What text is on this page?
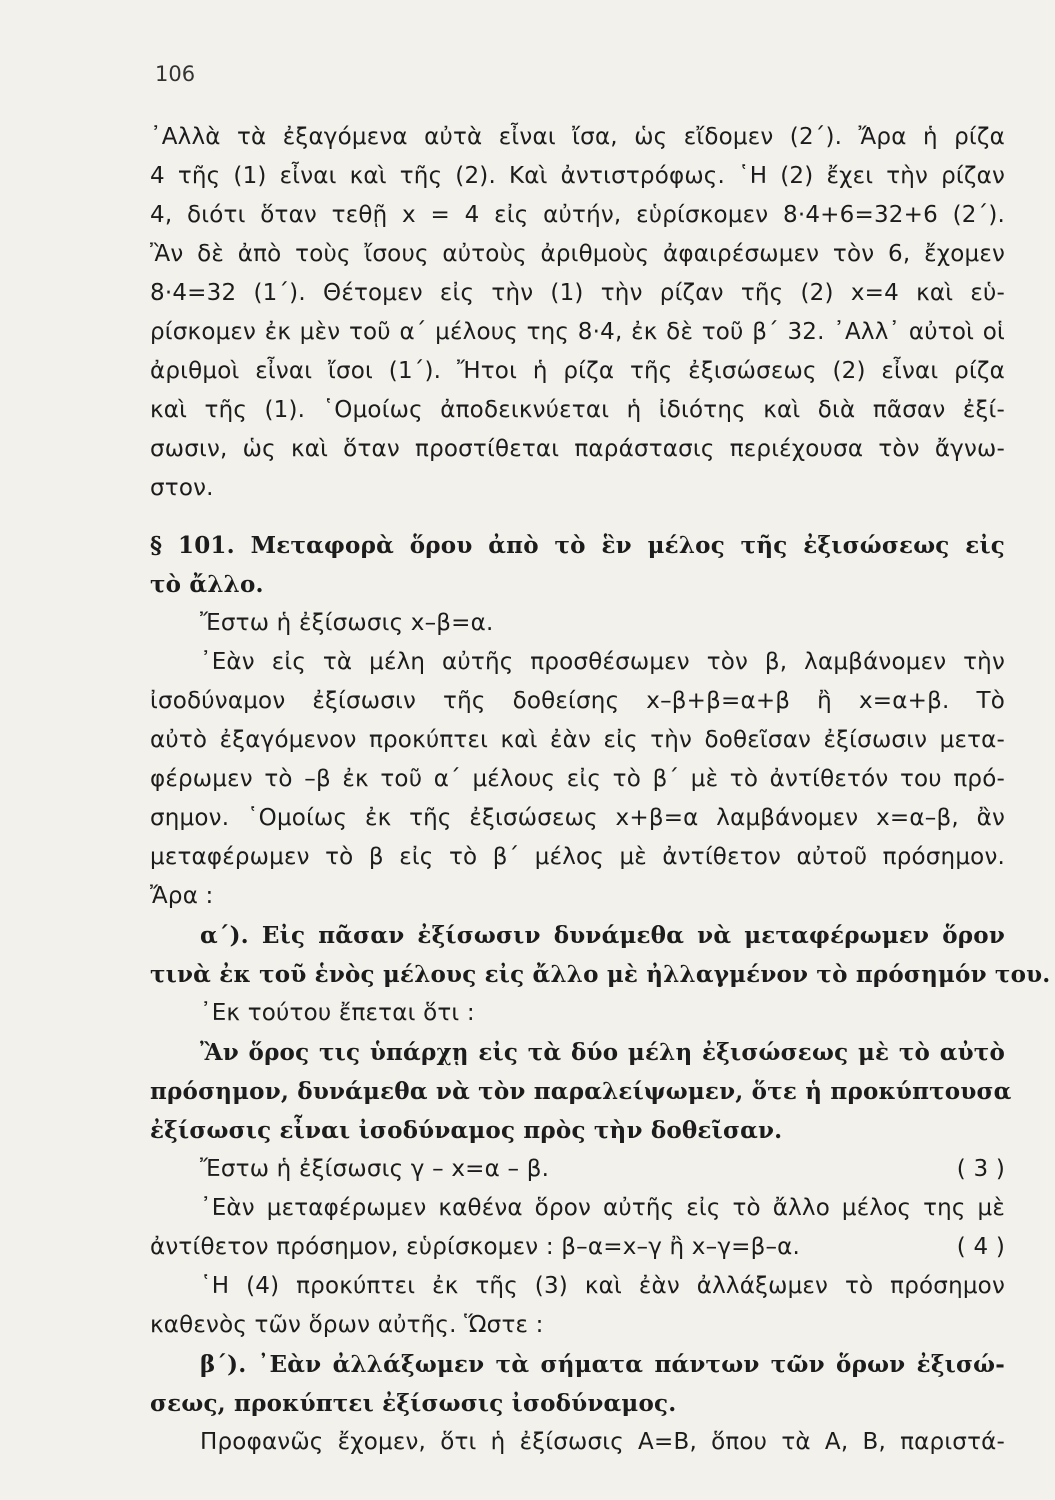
106
᾿Αλλὰ τὰ ἐξαγόμενα αὐτὰ εἶναι ἴσα, ὡς εἴδομεν (2΄). Ἄρα ἡ ρίζα
4 τῆς (1) εἶναι καὶ τῆς (2). Καὶ ἀντιστρόφως. ῾Η (2) ἔχει τὴν ρίζαν
4, διότι ὅταν τεθῇ x = 4 εἰς αὐτήν, εὑρίσκομεν 8·4+6=32+6 (2΄).
Ἂν δὲ ἀπὸ τοὺς ἴσους αὐτοὺς ἀριθμοὺς ἀφαιρέσωμεν τὸν 6, ἔχομεν
8·4=32 (1΄). Θέτομεν εἰς τὴν (1) τὴν ρίζαν τῆς (2) x=4 καὶ εὑ-
ρίσκομεν ἐκ μὲν τοῦ α΄ μέλους της 8·4, ἐκ δὲ τοῦ β΄ 32. ᾿Αλλ᾿ αὐτοὶ οἱ
ἀριθμοὶ εἶναι ἴσοι (1΄). Ἤτοι ἡ ρίζα τῆς ἐξισώσεως (2) εἶναι ρίζα
καὶ τῆς (1). ῾Ομοίως ἀποδεικνύεται ἡ ἰδιότης καὶ διὰ πᾶσαν ἐξί-
σωσιν, ὡς καὶ ὅταν προστίθεται παράστασις περιέχουσα τὸν ἄγνω-
στον.
§ 101. Μεταφορὰ ὅρου ἀπὸ τὸ ἓν μέλος τῆς ἐξισώσεως εἰς
τὸ ἄλλο.
Ἔστω ἡ ἐξίσωσις x–β=α.
᾿Εὰν εἰς τὰ μέλη αὐτῆς προσθέσωμεν τὸν β, λαμβάνομεν τὴν
ἰσοδύναμον ἐξίσωσιν τῆς δοθείσης x–β+β=α+β ἢ x=α+β. Τὸ
αὐτὸ ἐξαγόμενον προκύπτει καὶ ἐὰν εἰς τὴν δοθεῖσαν ἐξίσωσιν μετα-
φέρωμεν τὸ –β ἐκ τοῦ α΄ μέλους εἰς τὸ β΄ μὲ τὸ ἀντίθετόν του πρό-
σημον. ῾Ομοίως ἐκ τῆς ἐξισώσεως x+β=α λαμβάνομεν x=α–β, ἂν
μεταφέρωμεν τὸ β εἰς τὸ β΄ μέλος μὲ ἀντίθετον αὐτοῦ πρόσημον.
Ἄρα :
α΄). Εἰς πᾶσαν ἐξίσωσιν δυνάμεθα νὰ μεταφέρωμεν ὅρον
τινὰ ἐκ τοῦ ἑνὸς μέλους εἰς ἄλλο μὲ ἠλλαγμένον τὸ πρόσημόν του.
᾿Εκ τούτου ἔπεται ὅτι :
Ἂν ὅρος τις ὑπάρχῃ εἰς τὰ δύο μέλη ἐξισώσεως μὲ τὸ αὐτὸ
πρόσημον, δυνάμεθα νὰ τὸν παραλείψωμεν, ὅτε ἡ προκύπτουσα
ἐξίσωσις εἶναι ἰσοδύναμος πρὸς τὴν δοθεῖσαν.
Ἔστω ἡ ἐξίσωσις γ – x=α – β.	( 3 )
᾿Εὰν μεταφέρωμεν καθένα ὅρον αὐτῆς εἰς τὸ ἄλλο μέλος της μὲ
ἀντίθετον πρόσημον, εὑρίσκομεν : β–α=x–γ ἢ x–γ=β–α.	( 4 )
῾Η (4) προκύπτει ἐκ τῆς (3) καὶ ἐὰν ἀλλάξωμεν τὸ πρόσημον
καθενὸς τῶν ὅρων αὐτῆς. Ὥστε :
β΄). ᾿Εὰν ἀλλάξωμεν τὰ σήματα πάντων τῶν ὅρων ἐξισώ-
σεως, προκύπτει ἐξίσωσις ἰσοδύναμος.
Προφανῶς ἔχομεν, ὅτι ἡ ἐξίσωσις Α=Β, ὅπου τὰ Α, Β, παριστά-
